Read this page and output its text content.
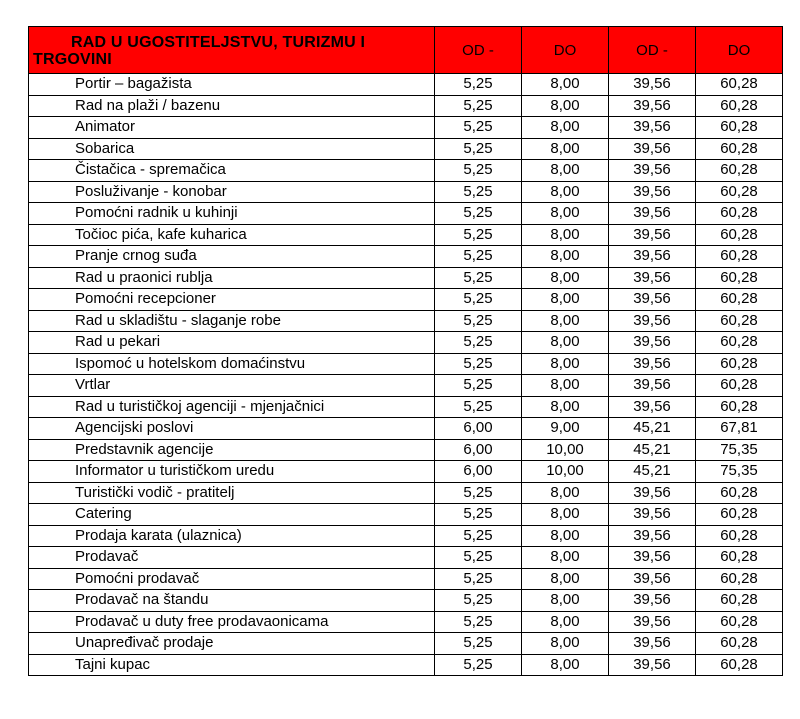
RAD U UGOSTITELJSTVU, TURIZMU I TRGOVINI	OD -	DO	OD -	DO
Portir – bagažista	5,25	8,00	39,56	60,28
Rad na plaži / bazenu	5,25	8,00	39,56	60,28
Animator	5,25	8,00	39,56	60,28
Sobarica	5,25	8,00	39,56	60,28
Čistačica - spremačica	5,25	8,00	39,56	60,28
Posluživanje - konobar	5,25	8,00	39,56	60,28
Pomoćni radnik u kuhinji	5,25	8,00	39,56	60,28
Točioc pića, kafe kuharica	5,25	8,00	39,56	60,28
Pranje crnog suđa	5,25	8,00	39,56	60,28
Rad u praonici rublja	5,25	8,00	39,56	60,28
Pomoćni recepcioner	5,25	8,00	39,56	60,28
Rad u skladištu - slaganje robe	5,25	8,00	39,56	60,28
Rad u pekari	5,25	8,00	39,56	60,28
Ispomoć u hotelskom domaćinstvu	5,25	8,00	39,56	60,28
Vrtlar	5,25	8,00	39,56	60,28
Rad u turističkoj agenciji - mjenjačnici	5,25	8,00	39,56	60,28
Agencijski poslovi	6,00	9,00	45,21	67,81
Predstavnik agencije	6,00	10,00	45,21	75,35
Informator u turističkom uredu	6,00	10,00	45,21	75,35
Turistički vodič - pratitelj	5,25	8,00	39,56	60,28
Catering	5,25	8,00	39,56	60,28
Prodaja karata (ulaznica)	5,25	8,00	39,56	60,28
Prodavač	5,25	8,00	39,56	60,28
Pomoćni prodavač	5,25	8,00	39,56	60,28
Prodavač na štandu	5,25	8,00	39,56	60,28
Prodavač u duty free prodavaonicama	5,25	8,00	39,56	60,28
Unapređivač prodaje	5,25	8,00	39,56	60,28
Tajni kupac	5,25	8,00	39,56	60,28
